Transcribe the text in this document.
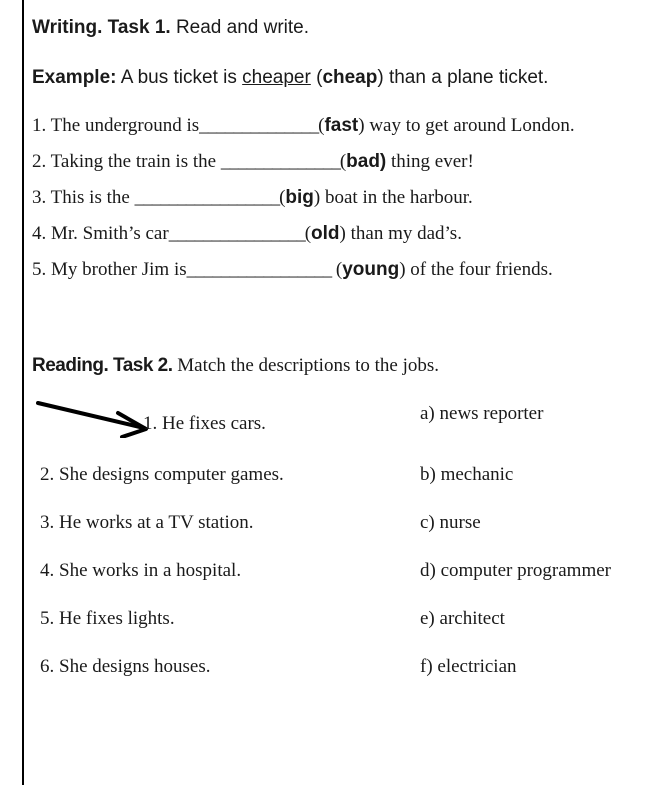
Writing. Task 1. Read and write.
Example: A bus ticket is cheaper (cheap) than a plane ticket.
1. The underground is______________(fast) way to get around London.
2. Taking the train is the ______________(bad) thing ever!
3. This is the _________________(big) boat in the harbour.
4. Mr. Smith’s car________________(old) than my dad’s.
5. My brother Jim is_________________ (young) of the four friends.
Reading. Task 2. Match the descriptions to the jobs.
1. He fixes cars.
2. She designs computer games.
3. He works at a TV station.
4. She works in a hospital.
5. He fixes lights.
6. She designs houses.
a) news reporter
b) mechanic
c) nurse
d) computer programmer
e) architect
f) electrician
